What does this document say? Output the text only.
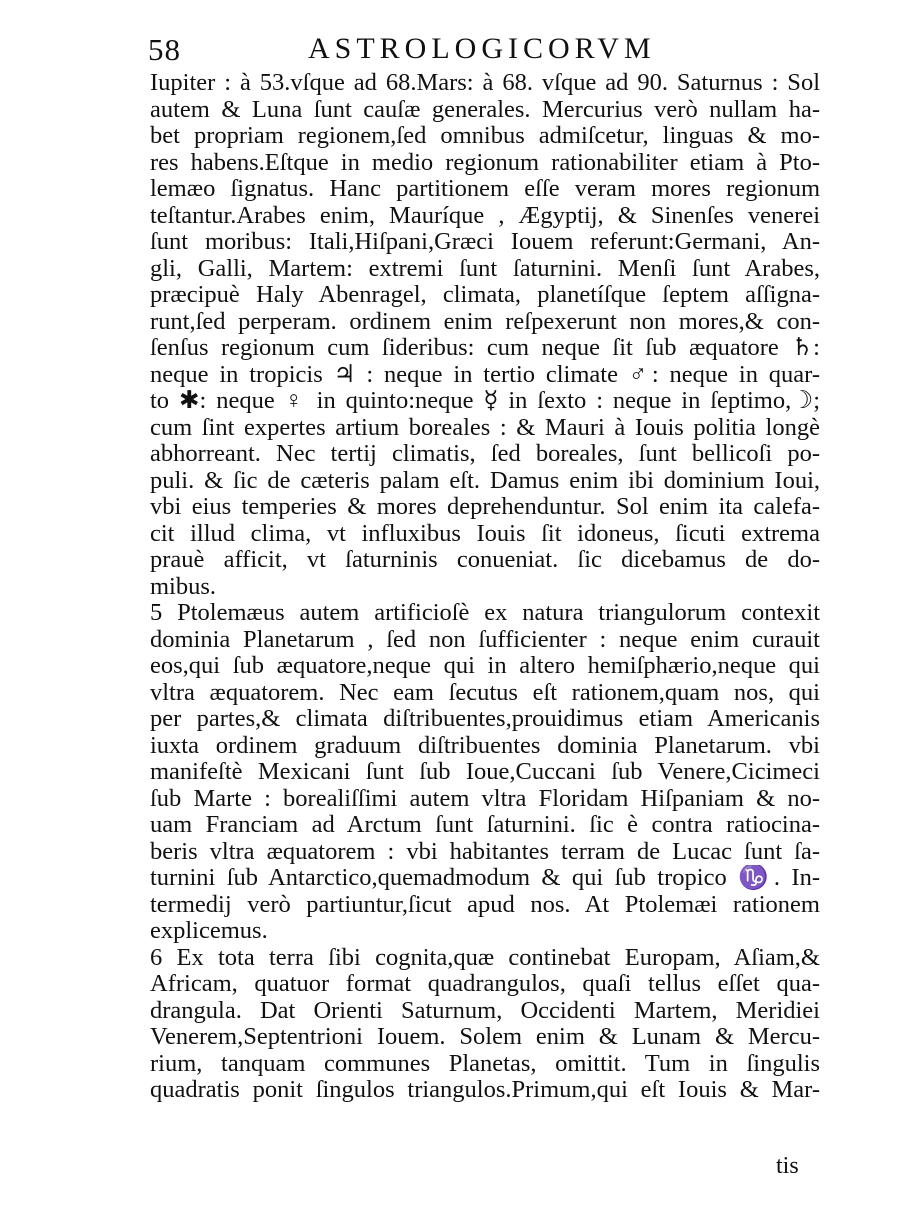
58	ASTROLOGICORVM
Iupiter : à 53.vſque ad 68.Mars: à 68. vſque ad 90. Saturnus : Sol
autem & Luna ſunt cauſæ generales. Mercurius verò nullam ha-
bet propriam regionem,ſed omnibus admiſcetur, linguas & mo-
res habens.Eſtque in medio regionum rationabiliter etiam à Pto-
lemæo ſignatus. Hanc partitionem eſſe veram mores regionum
teſtantur.Arabes enim, Mauríque , Ægyptij, & Sinenſes venerei
ſunt moribus: Itali,Hiſpani,Græci Iouem referunt:Germani, An-
gli, Galli, Martem: extremi ſunt ſaturnini. Menſi ſunt Arabes,
præcipuè Haly Abenragel, climata, planetíſque ſeptem aſſigna-
runt,ſed perperam. ordinem enim reſpexerunt non mores,& con-
ſenſus regionum cum ſideribus: cum neque ſit ſub æquatore ♄:
neque in tropicis ♃ : neque in tertio climate ♂: neque in quar-
to ✱: neque ♀ in quinto:neque ☿ in ſexto : neque in ſeptimo,☽;
cum ſint expertes artium boreales : & Mauri à Iouis politia longè
abhorreant. Nec tertij climatis, ſed boreales, ſunt bellicoſi po-
puli. & ſic de cæteris palam eſt. Damus enim ibi dominium Ioui,
vbi eius temperies & mores deprehenduntur. Sol enim ita calefa-
cit illud clima, vt influxibus Iouis ſit idoneus, ſicuti extrema
prauè afficit, vt ſaturninis conueniat. ſic dicebamus de do-
mibus.
5 Ptolemæus autem artificioſè ex natura triangulorum contexit
dominia Planetarum , ſed non ſufficienter : neque enim curauit
eos,qui ſub æquatore,neque qui in altero hemiſphærio,neque qui
vltra æquatorem. Nec eam ſecutus eſt rationem,quam nos, qui
per partes,& climata diſtribuentes,prouidimus etiam Americanis
iuxta ordinem graduum diſtribuentes dominia Planetarum. vbi
manifeſtè Mexicani ſunt ſub Ioue,Cuccani ſub Venere,Cicimeci
ſub Marte : borealiſſimi autem vltra Floridam Hiſpaniam & no-
uam Franciam ad Arctum ſunt ſaturnini. ſic è contra ratiocina-
beris vltra æquatorem : vbi habitantes terram de Lucac ſunt ſa-
turnini ſub Antarctico,quemadmodum & qui ſub tropico ♑. In-
termedij verò partiuntur,ſicut apud nos. At Ptolemæi rationem
explicemus.
6 Ex tota terra ſibi cognita,quæ continebat Europam, Aſiam,&
Africam, quatuor format quadrangulos, quaſi tellus eſſet qua-
drangula. Dat Orienti Saturnum, Occidenti Martem, Meridiei
Venerem,Septentrioni Iouem. Solem enim & Lunam & Mercu-
rium, tanquam communes Planetas, omittit. Tum in ſingulis
quadratis ponit ſingulos triangulos.Primum,qui eſt Iouis & Mar-
tis
